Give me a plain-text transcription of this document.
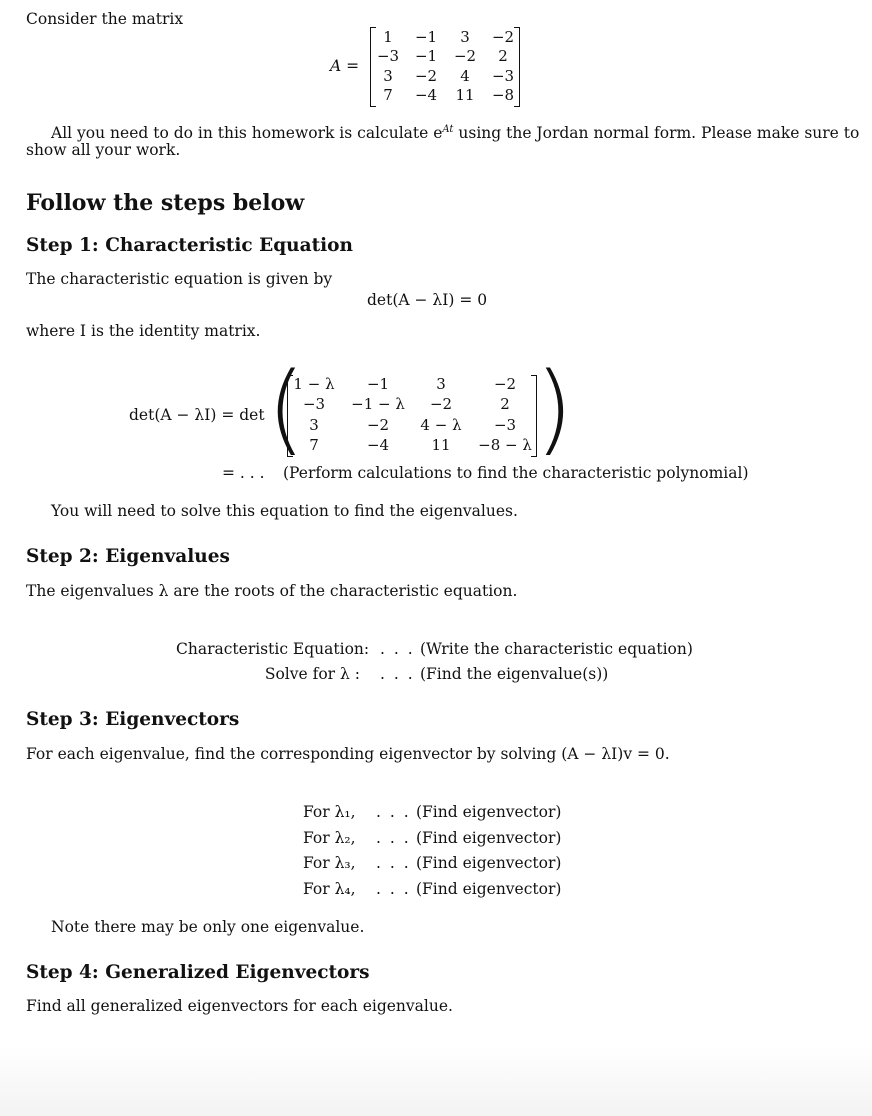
Consider the matrix
A =
1	−1	3	−2
−3	−1	−2	2
3	−2	4	−3
7	−4	11	−8
All you need to do in this homework is calculate $e^{At}$ using the Jordan normal form. Please make sure to
show all your work.
Follow the steps below
Step 1: Characteristic Equation
The characteristic equation is given by
det(A − λI) = 0
where I is the identity matrix.
det(A − λI) = det ( )
1 − λ	−1	3	−2
−3	−1 − λ	−2	2
3	−2	4 − λ	−3
7	−4	11	−8 − λ
= . . . (Perform calculations to find the characteristic polynomial)
You will need to solve this equation to find the eigenvalues.
Step 2: Eigenvalues
The eigenvalues λ are the roots of the characteristic equation.
Characteristic Equation: . . . (Write the characteristic equation)
Solve for λ : . . . (Find the eigenvalue(s))
Step 3: Eigenvectors
For each eigenvalue, find the corresponding eigenvector by solving (A − λI)v = 0.
For λ₁, . . . (Find eigenvector)
For λ₂, . . . (Find eigenvector)
For λ₃, . . . (Find eigenvector)
For λ₄, . . . (Find eigenvector)
Note there may be only one eigenvalue.
Step 4: Generalized Eigenvectors
Find all generalized eigenvectors for each eigenvalue.
